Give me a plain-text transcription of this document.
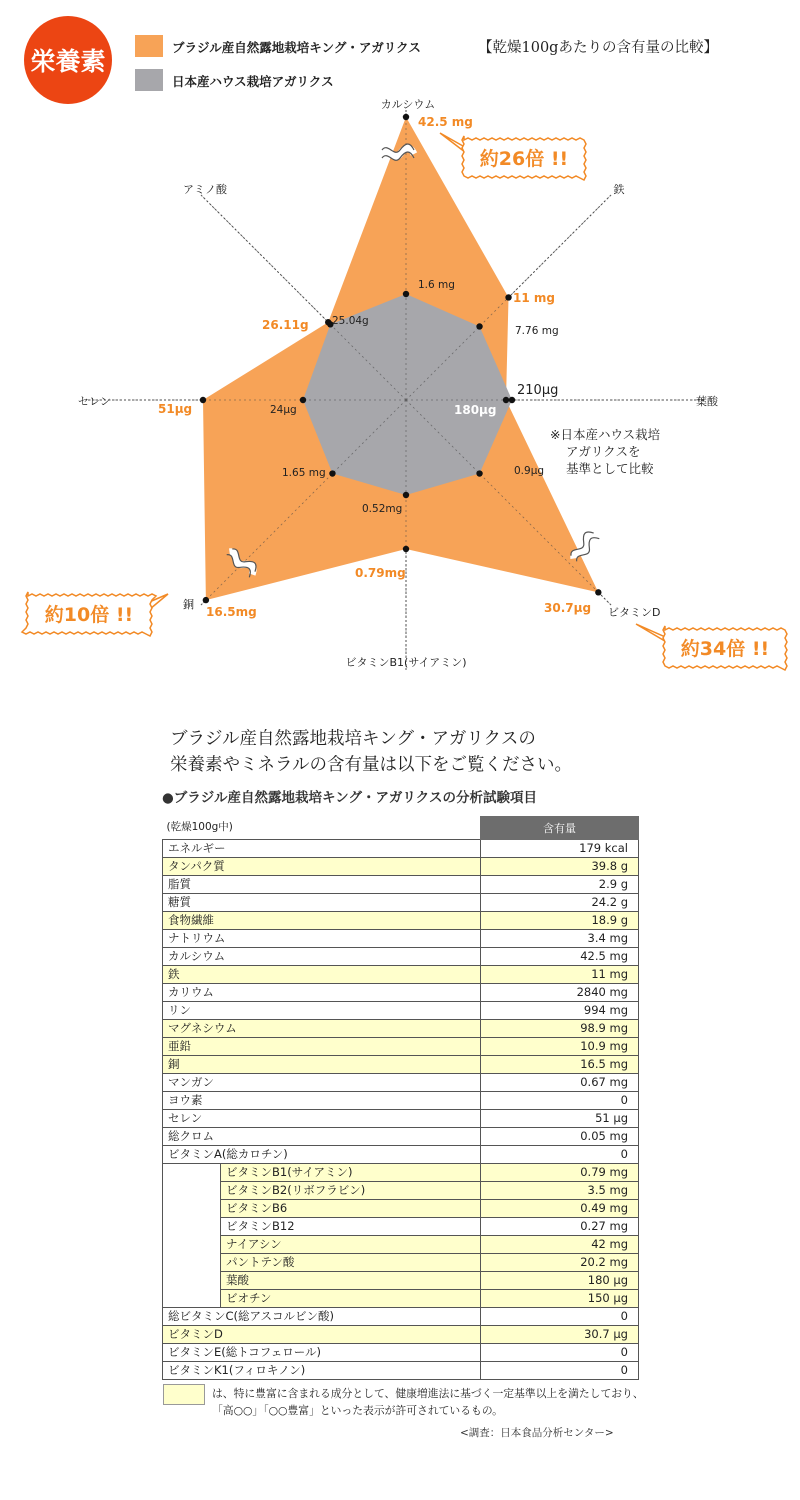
栄養素	ブラジル産自然露地栽培キング・アガリクス
日本産ハウス栽培アガリクス
【乾燥100gあたりの含有量の比較】
カルシウム
鉄
葉酸
ビタミンD
ビタミンB1(サイアミン)
銅
セレン
アミノ酸
42.5 mg
11 mg
180μg
30.7μg
0.79mg
16.5mg
51μg
26.11g
1.6 mg
7.76 mg
210μg
0.9μg
0.52mg
1.65 mg
24μg
25.04g
約26倍 !!
約34倍 !!
約10倍 !!
※日本産ハウス栽培
アガリクスを
基準として比較
ブラジル産自然露地栽培キング・アガリクスの
栄養素やミネラルの含有量は以下をご覧ください。
●ブラジル産自然露地栽培キング・アガリクスの分析試験項目
(乾燥100g中)		含有量
エネルギー		179 kcal
タンパク質		39.8 g
脂質		2.9 g
糖質		24.2 g
食物繊維		18.9 g
ナトリウム		3.4 mg
カルシウム		42.5 mg
鉄		11 mg
カリウム		2840 mg
リン		994 mg
マグネシウム		98.9 mg
亜鉛		10.9 mg
銅		16.5 mg
マンガン		0.67 mg
ヨウ素		0
セレン		51 μg
総クロム		0.05 mg
ビタミンA(総カロチン)		0
	ビタミンB1(サイアミン)	0.79 mg
	ビタミンB2(リボフラビン)	3.5 mg
	ビタミンB6	0.49 mg
	ビタミンB12	0.27 mg
	ナイアシン	42 mg
	パントテン酸	20.2 mg
	葉酸	180 μg
	ビオチン	150 μg
総ビタミンC(総アスコルビン酸)		0
ビタミンD		30.7 μg
ビタミンE(総トコフェロール)		0
ビタミンK1(フィロキノン)		0
は、特に豊富に含まれる成分として、健康増進法に基づく一定基準以上を満たしており、「高○○」「○○豊富」といった表示が許可されているもの。
<調査：日本食品分析センター>
